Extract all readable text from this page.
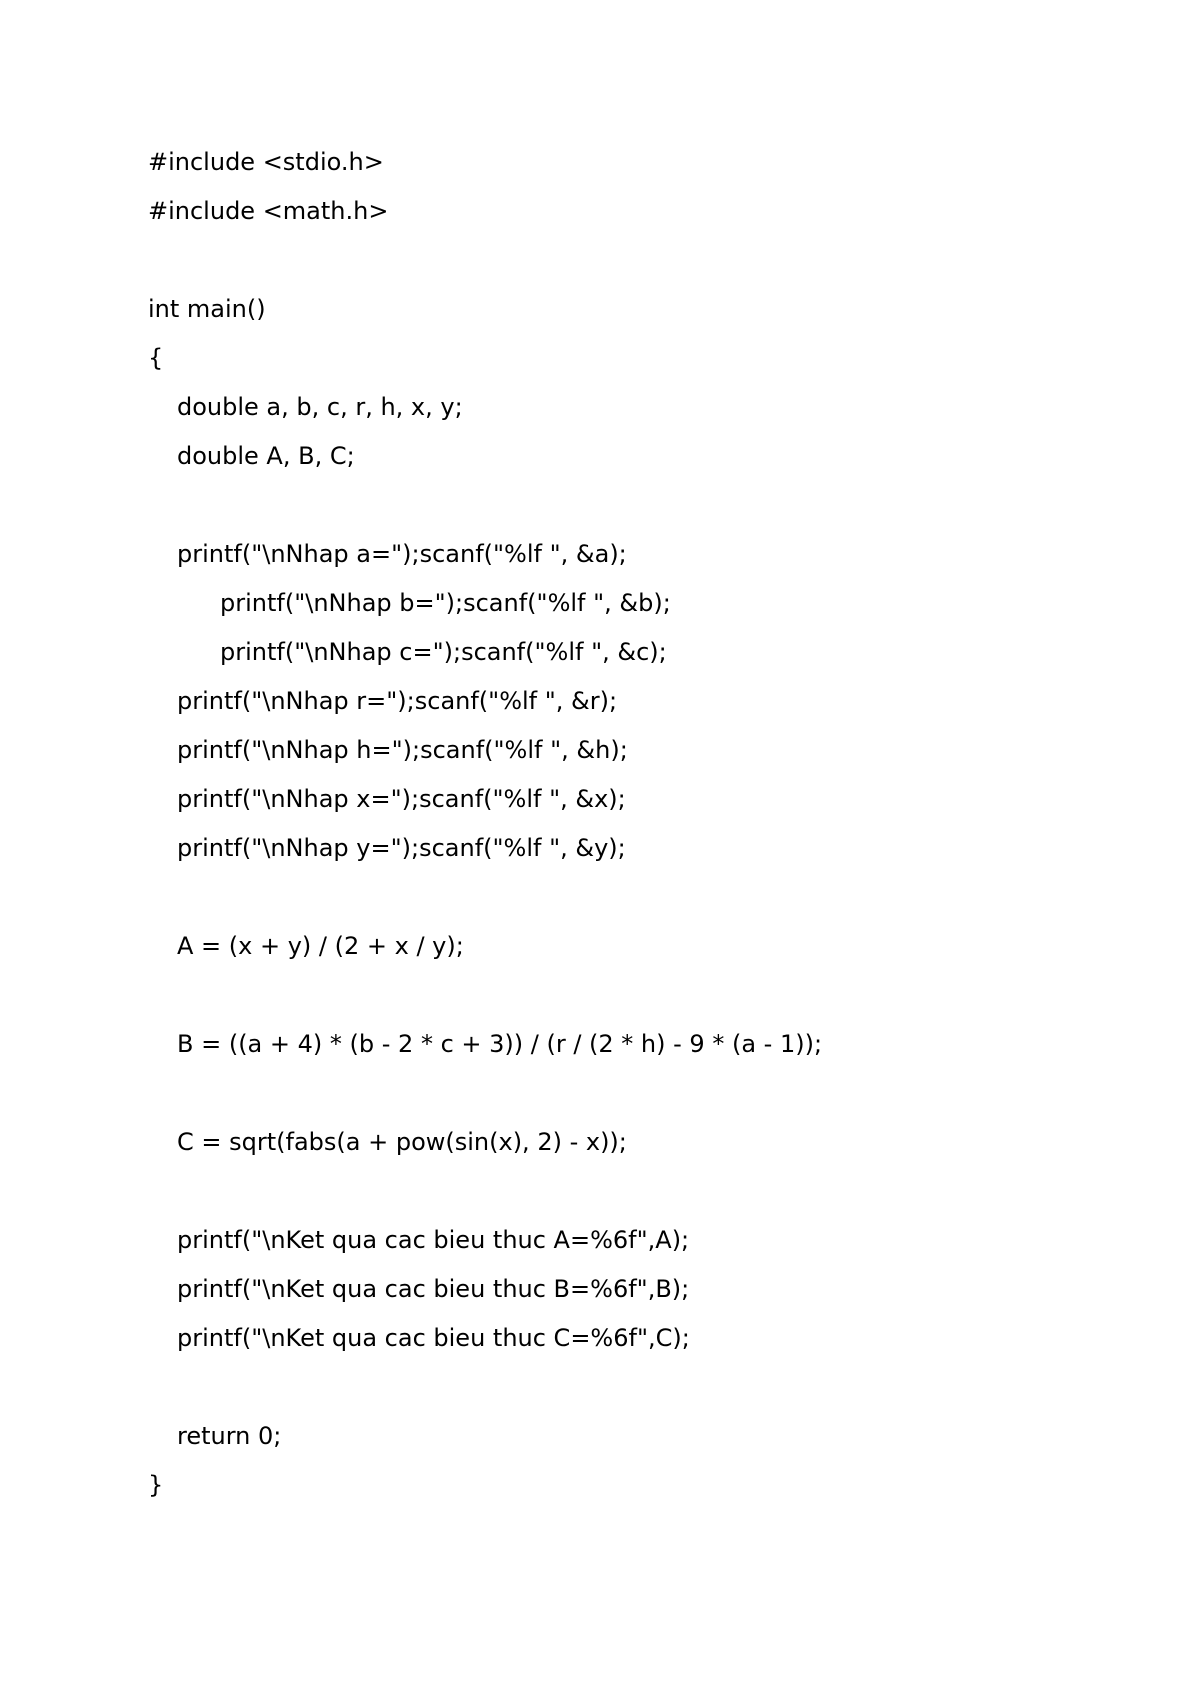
#include <stdio.h>
#include <math.h>
int main()
{
double a, b, c, r, h, x, y;
double A, B, C;
printf("\nNhap a=");scanf("%lf ", &a);
printf("\nNhap b=");scanf("%lf ", &b);
printf("\nNhap c=");scanf("%lf ", &c);
printf("\nNhap r=");scanf("%lf ", &r);
printf("\nNhap h=");scanf("%lf ", &h);
printf("\nNhap x=");scanf("%lf ", &x);
printf("\nNhap y=");scanf("%lf ", &y);
A = (x + y) / (2 + x / y);
B = ((a + 4) * (b - 2 * c + 3)) / (r / (2 * h) - 9 * (a - 1));
C = sqrt(fabs(a + pow(sin(x), 2) - x));
printf("\nKet qua cac bieu thuc A=%6f",A);
printf("\nKet qua cac bieu thuc B=%6f",B);
printf("\nKet qua cac bieu thuc C=%6f",C);
return 0;
}
